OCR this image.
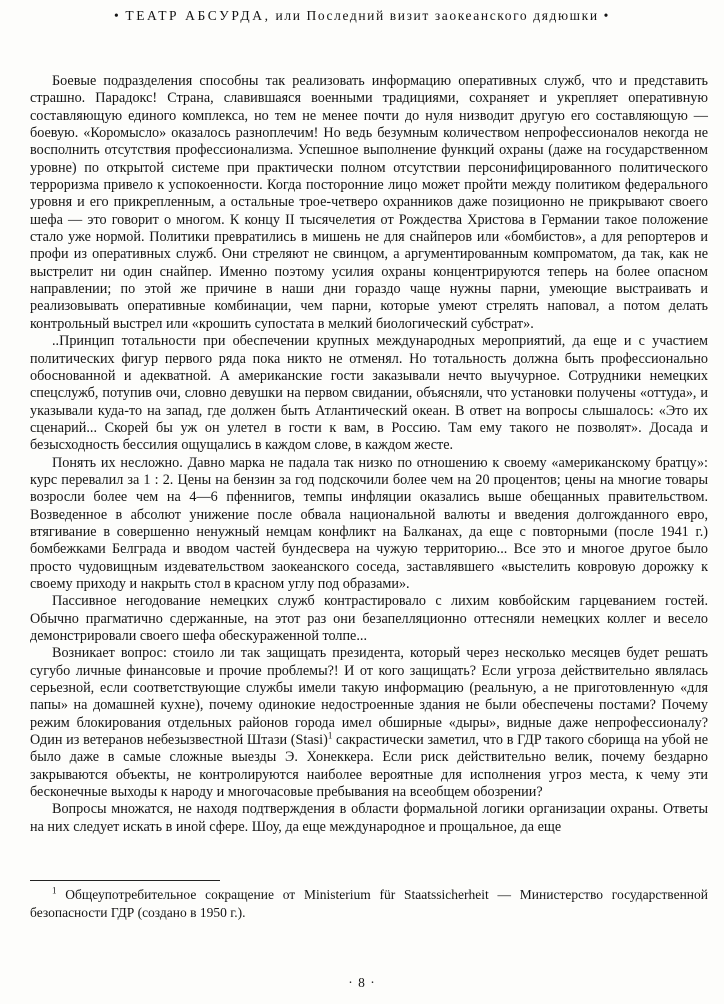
• ТЕАТР АБСУРДА, или Последний визит заокеанского дядюшки •

Боевые подразделения способны так реализовать информацию оперативных служб, что и представить страшно. Парадокс! Страна, славившаяся военными традициями, сохраняет и укрепляет оперативную составляющую единого комплекса, но тем не менее почти до нуля низводит другую его составляющую — боевую. «Коромысло» оказалось разноплечим! Но ведь безумным количеством непрофессионалов некогда не восполнить отсутствия профессионализма. Успешное выполнение функций охраны (даже на государственном уровне) по открытой системе при практически полном отсутствии персонифицированного политического терроризма привело к успокоенности. Когда посторонние лицо может пройти между политиком федерального уровня и его прикрепленным, а остальные трое-четверо охранников даже позиционно не прикрывают своего шефа — это говорит о многом. К концу II тысячелетия от Рождества Христова в Германии такое положение стало уже нормой. Политики превратились в мишень не для снайперов или «бомбистов», а для репортеров и профи из оперативных служб. Они стреляют не свинцом, а аргументированным компроматом, да так, как не выстрелит ни один снайпер. Именно поэтому усилия охраны концентрируются теперь на более опасном направлении; по этой же причине в наши дни гораздо чаще нужны парни, умеющие выстраивать и реализовывать оперативные комбинации, чем парни, которые умеют стрелять наповал, а потом делать контрольный выстрел или «крошить супостата в мелкий биологический субстрат».

..Принцип тотальности при обеспечении крупных международных мероприятий, да еще и с участием политических фигур первого ряда пока никто не отменял. Но тотальность должна быть профессионально обоснованной и адекватной. А американские гости заказывали нечто выучурное. Сотрудники немецких спецслужб, потупив очи, словно девушки на первом свидании, объясняли, что установки получены «оттуда», и указывали куда-то на запад, где должен быть Атлантический океан. В ответ на вопросы слышалось: «Это их сценарий... Скорей бы уж он улетел в гости к вам, в Россию. Там ему такого не позволят». Досада и безысходность бессилия ощущались в каждом слове, в каждом жесте.

Понять их несложно. Давно марка не падала так низко по отношению к своему «американскому братцу»: курс перевалил за 1 : 2. Цены на бензин за год подскочили более чем на 20 процентов; цены на многие товары возросли более чем на 4—6 пфеннигов, темпы инфляции оказались выше обещанных правительством. Возведенное в абсолют унижение после обвала национальной валюты и введения долгожданного евро, втягивание в совершенно ненужный немцам конфликт на Балканах, да еще с повторными (после 1941 г.) бомбежками Белграда и вводом частей бундесвера на чужую территорию... Все это и многое другое было просто чудовищным издевательством заокеанского соседа, заставлявшего «выстелить ковровую дорожку к своему приходу и накрыть стол в красном углу под образами».

Пассивное негодование немецких служб контрастировало с лихим ковбойским гарцеванием гостей. Обычно прагматично сдержанные, на этот раз они безапелляционно оттесняли немецких коллег и весело демонстрировали своего шефа обескураженной толпе...

Возникает вопрос: стоило ли так защищать президента, который через несколько месяцев будет решать сугубо личные финансовые и прочие проблемы?! И от кого защищать? Если угроза действительно являлась серьезной, если соответствующие службы имели такую информацию (реальную, а не приготовленную «для папы» на домашней кухне), почему одинокие недостроенные здания не были обеспечены постами? Почему режим блокирования отдельных районов города имел обширные «дыры», видные даже непрофессионалу? Один из ветеранов небезызвестной Штази (Stasi)$^1$ сакрастически заметил, что в ГДР такого сборища на убой не было даже в самые сложные выезды Э. Хонеккера. Если риск действительно велик, почему бездарно закрываются объекты, не контролируются наиболее вероятные для исполнения угроз места, к чему эти бесконечные выходы к народу и многочасовые пребывания на всеобщем обозрении?

Вопросы множатся, не находя подтверждения в области формальной логики организации охраны. Ответы на них следует искать в иной сфере. Шоу, да еще международное и прощальное, да еще

$^1$ Общеупотребительное сокращение от Ministerium für Staatssicherheit — Министерство государственной безопасности ГДР (создано в 1950 г.).

· 8 ·
